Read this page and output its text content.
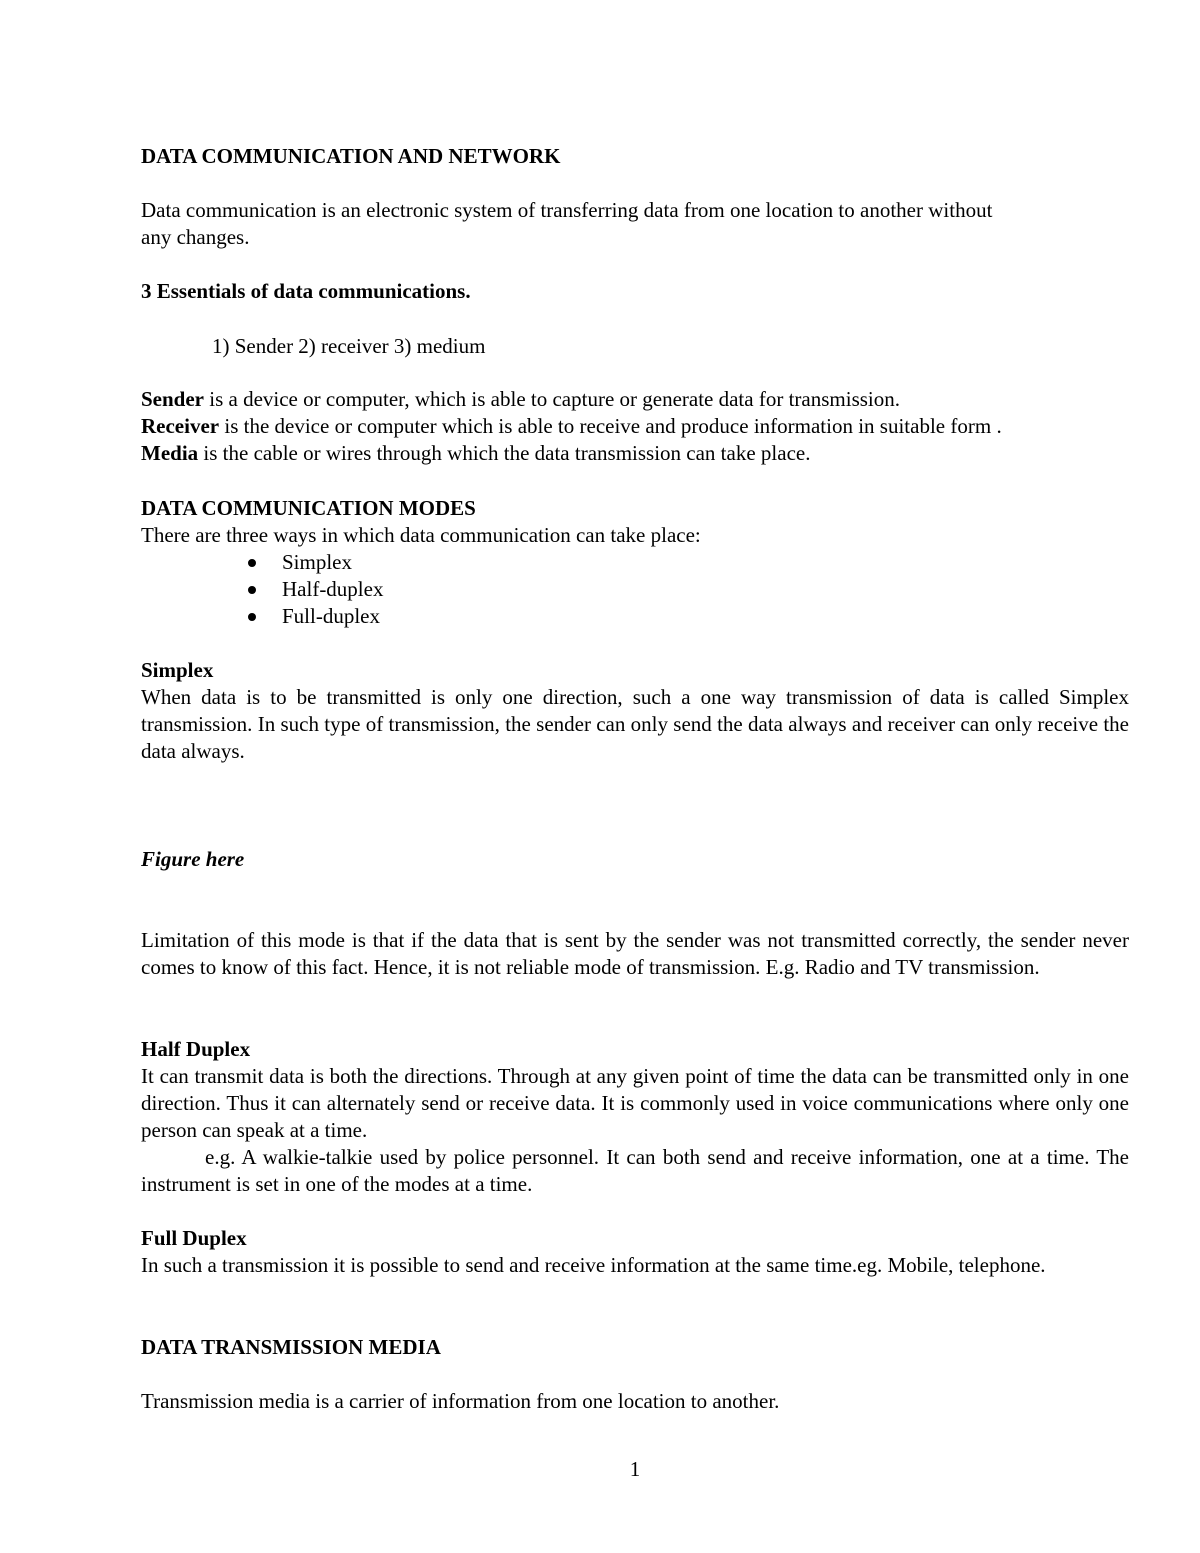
DATA COMMUNICATION AND NETWORK
Data communication is an electronic system of transferring data from one location to another without
any changes.
3 Essentials of data communications.
1) Sender 2) receiver 3) medium
Sender is a device or computer, which is able to capture or generate data for transmission.
Receiver is the device or computer which is able to receive and produce information in suitable form .
Media is the cable or wires through which the data transmission can take place.
DATA COMMUNICATION MODES
There are three ways in which data communication can take place:
Simplex
Half-duplex
Full-duplex
Simplex
When data is to be transmitted is only one direction, such a one way transmission of data is called Simplex transmission. In such type of transmission, the sender can only send the data always and receiver can only receive the data always.
Figure here
Limitation of this mode is that if the data that is sent by the sender was not transmitted correctly, the sender never comes to know of this fact. Hence, it is not reliable mode of transmission. E.g. Radio and TV transmission.
Half Duplex
It can transmit data is both the directions. Through at any given point of time the data can be transmitted only in one direction. Thus it can alternately send or receive data. It is commonly used in voice communications where only one person can speak at a time.
e.g. A walkie-talkie used by police personnel. It can both send and receive information, one at a time. The instrument is set in one of the modes at a time.
Full Duplex
In such a transmission it is possible to send and receive information at the same time.eg. Mobile, telephone.
DATA TRANSMISSION MEDIA
Transmission media is a carrier of information from one location to another.
1
